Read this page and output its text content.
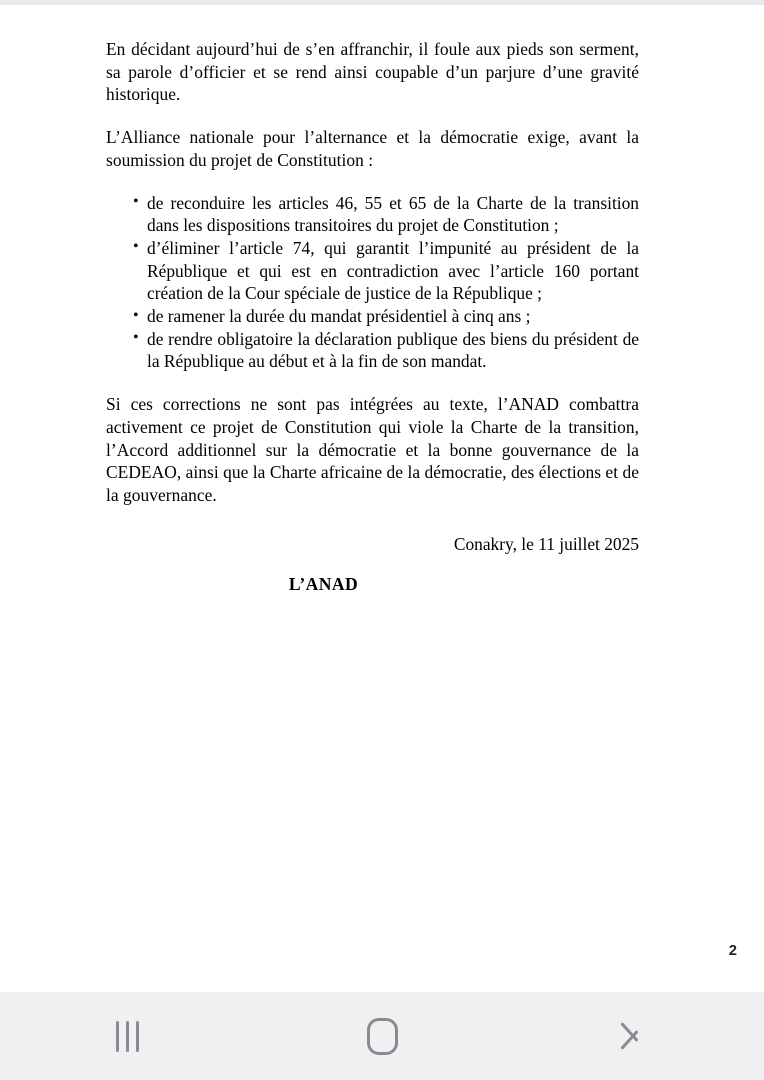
En décidant aujourd’hui de s’en affranchir, il foule aux pieds son serment, sa parole d’officier et se rend ainsi coupable d’un parjure d’une gravité historique.

L’Alliance nationale pour l’alternance et la démocratie exige, avant la soumission du projet de Constitution :

• de reconduire les articles 46, 55 et 65 de la Charte de la transition dans les dispositions transitoires du projet de Constitution ;
• d’éliminer l’article 74, qui garantit l’impunité au président de la République et qui est en contradiction avec l’article 160 portant création de la Cour spéciale de justice de la République ;
• de ramener la durée du mandat présidentiel à cinq ans ;
• de rendre obligatoire la déclaration publique des biens du président de la République au début et à la fin de son mandat.

Si ces corrections ne sont pas intégrées au texte, l’ANAD combattra activement ce projet de Constitution qui viole la Charte de la transition, l’Accord additionnel sur la démocratie et la bonne gouvernance de la CEDEAO, ainsi que la Charte africaine de la démocratie, des élections et de la gouvernance.

Conakry, le 11 juillet 2025

L’ANAD

2
